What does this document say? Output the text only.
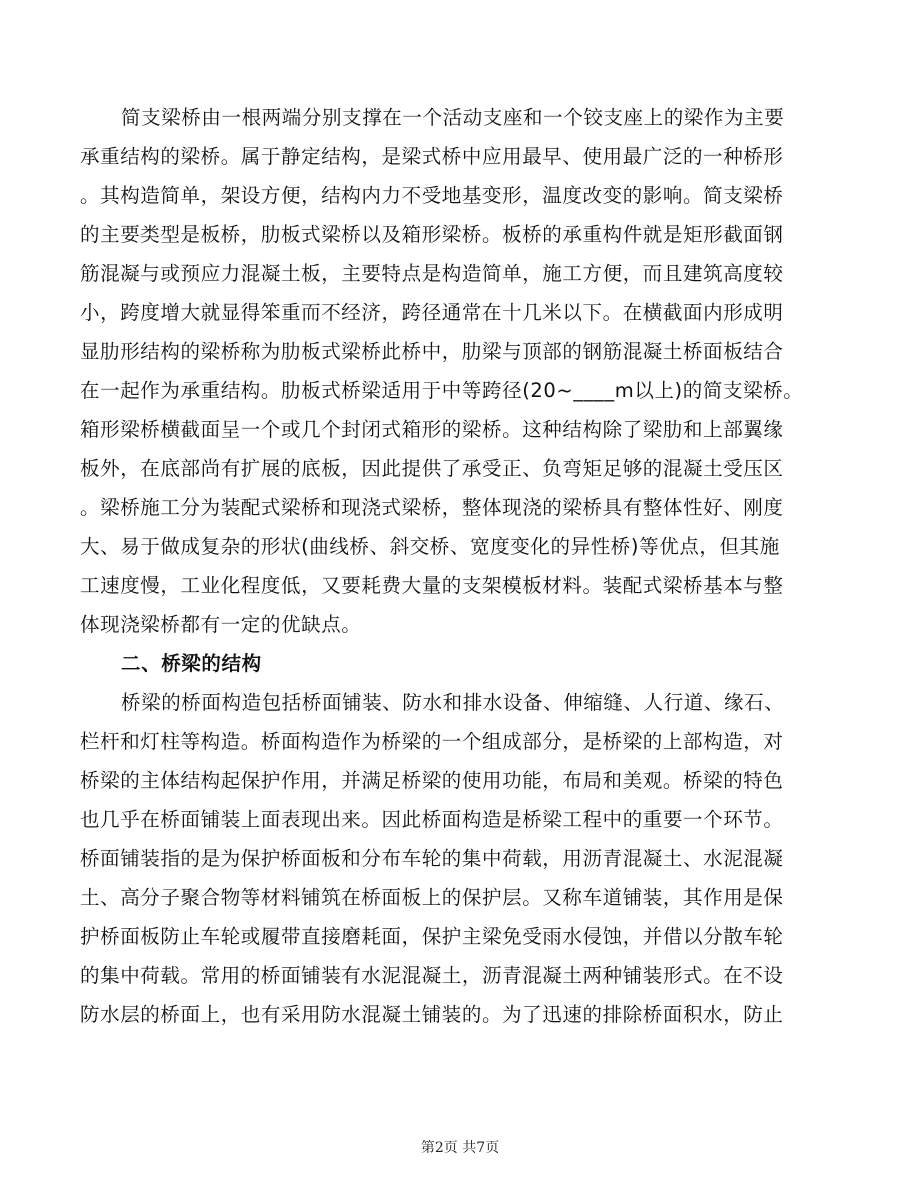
简支梁桥由一根两端分别支撑在一个活动支座和一个铰支座上的梁作为主要
承重结构的梁桥。属于静定结构，是梁式桥中应用最早、使用最广泛的一种桥形
。其构造简单，架设方便，结构内力不受地基变形，温度改变的影响。简支梁桥
的主要类型是板桥，肋板式梁桥以及箱形梁桥。板桥的承重构件就是矩形截面钢
筋混凝与或预应力混凝土板，主要特点是构造简单，施工方便，而且建筑高度较
小，跨度增大就显得笨重而不经济，跨径通常在十几米以下。在横截面内形成明
显肋形结构的梁桥称为肋板式梁桥此桥中，肋梁与顶部的钢筋混凝土桥面板结合
在一起作为承重结构。肋板式桥梁适用于中等跨径(20~____m以上)的简支梁桥。
箱形梁桥横截面呈一个或几个封闭式箱形的梁桥。这种结构除了梁肋和上部翼缘
板外，在底部尚有扩展的底板，因此提供了承受正、负弯矩足够的混凝土受压区
。梁桥施工分为装配式梁桥和现浇式梁桥，整体现浇的梁桥具有整体性好、刚度
大、易于做成复杂的形状(曲线桥、斜交桥、宽度变化的异性桥)等优点，但其施
工速度慢，工业化程度低，又要耗费大量的支架模板材料。装配式梁桥基本与整
体现浇梁桥都有一定的优缺点。
二、桥梁的结构
桥梁的桥面构造包括桥面铺装、防水和排水设备、伸缩缝、人行道、缘石、
栏杆和灯柱等构造。桥面构造作为桥梁的一个组成部分，是桥梁的上部构造，对
桥梁的主体结构起保护作用，并满足桥梁的使用功能，布局和美观。桥梁的特色
也几乎在桥面铺装上面表现出来。因此桥面构造是桥梁工程中的重要一个环节。
桥面铺装指的是为保护桥面板和分布车轮的集中荷载，用沥青混凝土、水泥混凝
土、高分子聚合物等材料铺筑在桥面板上的保护层。又称车道铺装，其作用是保
护桥面板防止车轮或履带直接磨耗面，保护主梁免受雨水侵蚀，并借以分散车轮
的集中荷载。常用的桥面铺装有水泥混凝土，沥青混凝土两种铺装形式。在不设
防水层的桥面上，也有采用防水混凝土铺装的。为了迅速的排除桥面积水，防止
第2页 共7页
